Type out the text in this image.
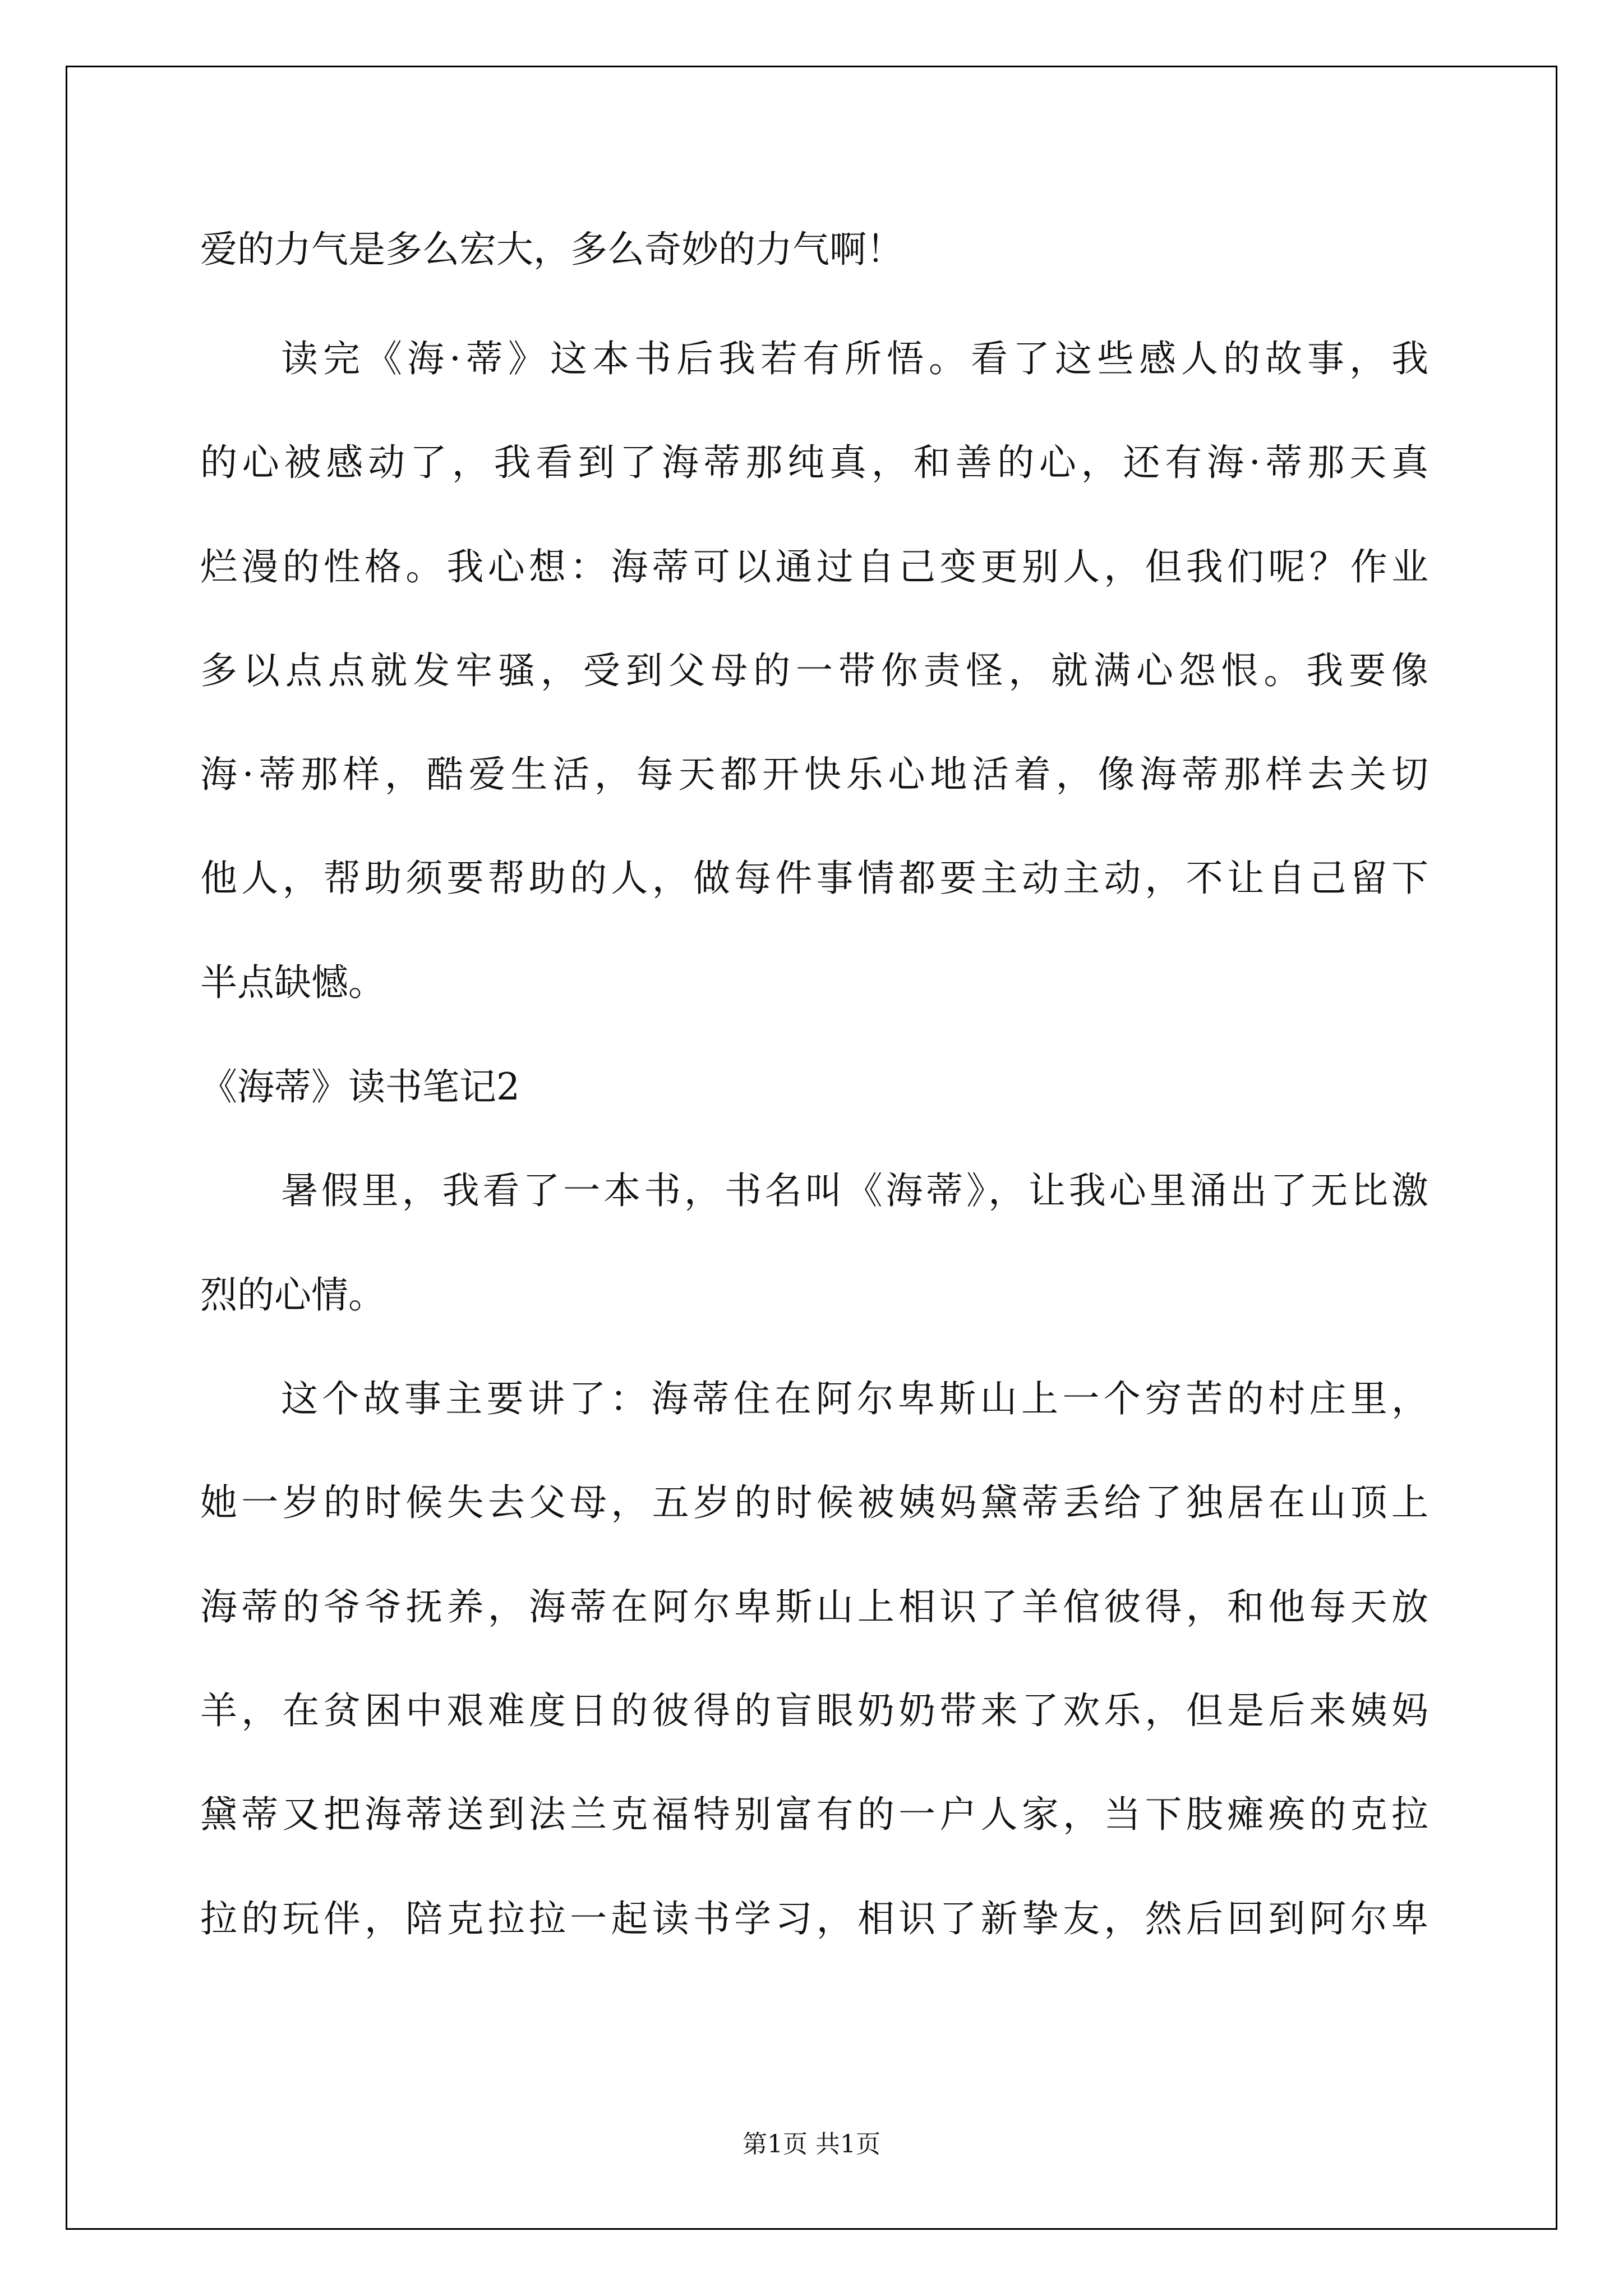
爱的力气是多么宏大，多么奇妙的力气啊！

读完《海·蒂》这本书后我若有所悟。看了这些感人的故事，我

的心被感动了，我看到了海蒂那纯真，和善的心，还有海·蒂那天真

烂漫的性格。我心想：海蒂可以通过自己变更别人，但我们呢？作业

多以点点就发牢骚，受到父母的一带你责怪，就满心怨恨。我要像

海·蒂那样，酷爱生活，每天都开快乐心地活着，像海蒂那样去关切

他人，帮助须要帮助的人，做每件事情都要主动主动，不让自己留下

半点缺憾。

《海蒂》读书笔记2

暑假里，我看了一本书，书名叫《海蒂》，让我心里涌出了无比激

烈的心情。

这个故事主要讲了：海蒂住在阿尔卑斯山上一个穷苦的村庄里，

她一岁的时候失去父母，五岁的时候被姨妈黛蒂丢给了独居在山顶上

海蒂的爷爷抚养，海蒂在阿尔卑斯山上相识了羊倌彼得，和他每天放

羊，在贫困中艰难度日的彼得的盲眼奶奶带来了欢乐，但是后来姨妈

黛蒂又把海蒂送到法兰克福特别富有的一户人家，当下肢瘫痪的克拉

拉的玩伴，陪克拉拉一起读书学习，相识了新挚友，然后回到阿尔卑

第1页 共1页
